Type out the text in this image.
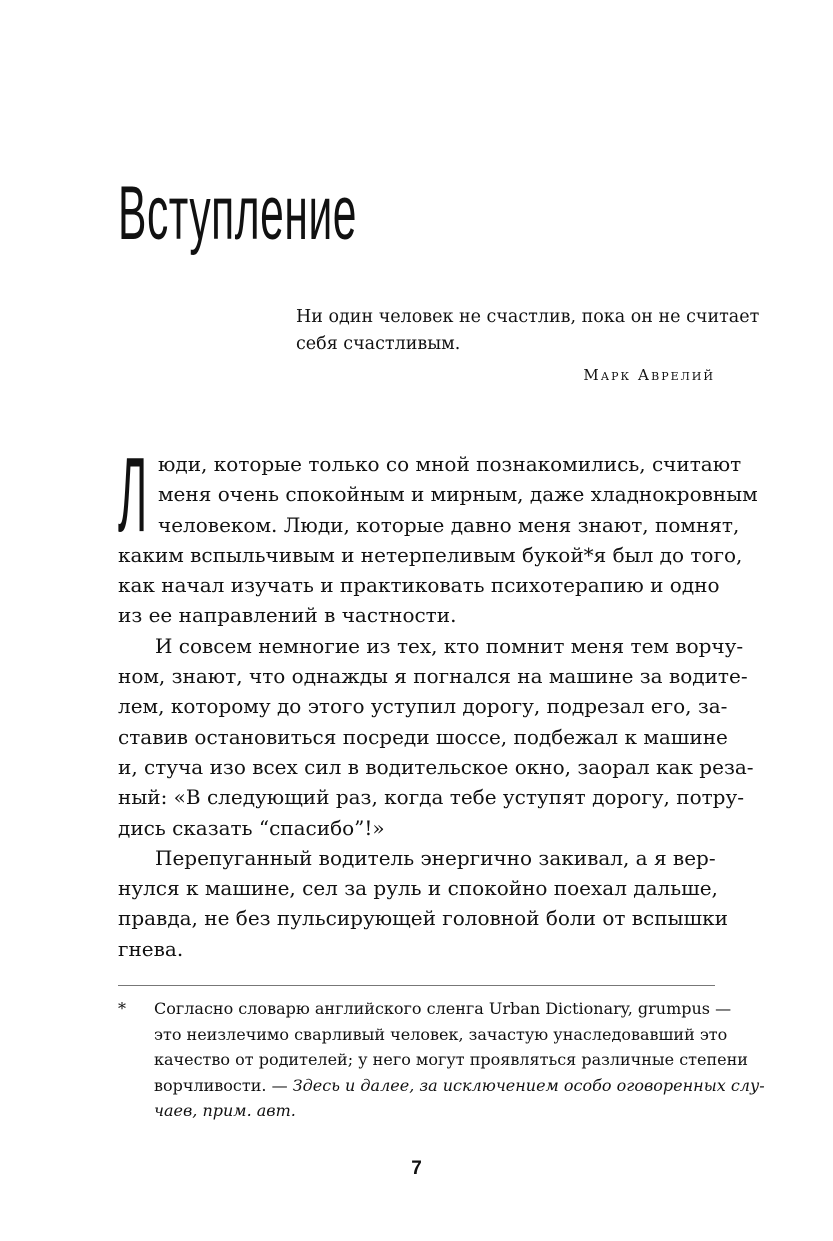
Вступление
Ни один человек не счастлив, пока он не считает
себя счастливым.
Марк Аврелий
Л юди, которые только со мной познакомились, считают
меня очень спокойным и мирным, даже хладнокровным
человеком. Люди, которые давно меня знают, помнят,
каким вспыльчивым и нетерпеливым букой*я был до того,
как начал изучать и практиковать психотерапию и одно
из ее направлений в частности.
И совсем немногие из тех, кто помнит меня тем ворчу-
ном, знают, что однажды я погнался на машине за водите-
лем, которому до этого уступил дорогу, подрезал его, за-
ставив остановиться посреди шоссе, подбежал к машине
и, стуча изо всех сил в водительское окно, заорал как реза-
ный: «В следующий раз, когда тебе уступят дорогу, потру-
дись сказать “спасибо”!»
Перепуганный водитель энергично закивал, а я вер-
нулся к машине, сел за руль и спокойно поехал дальше,
правда, не без пульсирующей головной боли от вспышки
гнева.
* Согласно словарю английского сленга Urban Dictionary, grumpus —
это неизлечимо сварливый человек, зачастую унаследовавший это
качество от родителей; у него могут проявляться различные степени
ворчливости. — Здесь и далее, за исключением особо оговоренных слу-
чаев, прим. авт.
7
